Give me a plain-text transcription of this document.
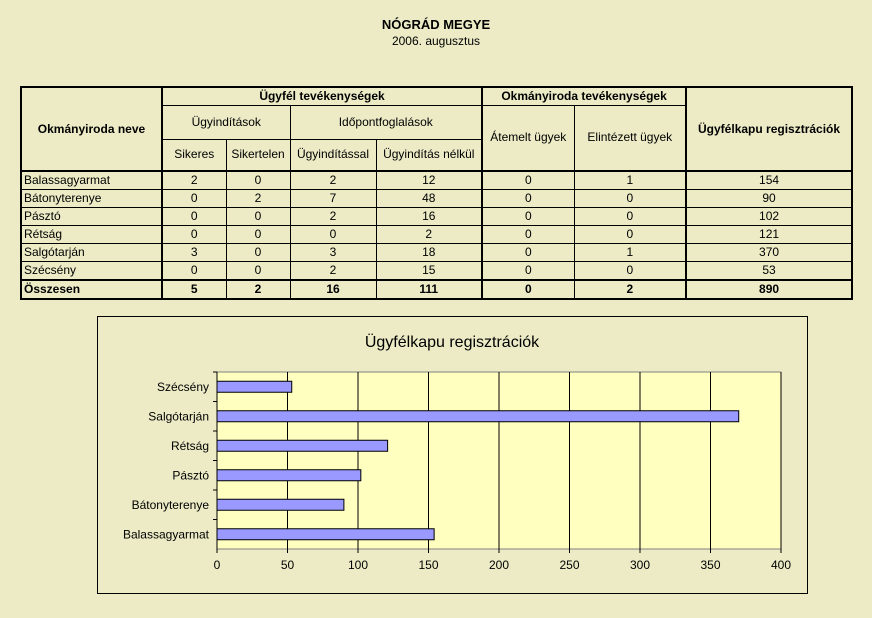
NÓGRÁD MEGYE
2006. augusztus
Okmányiroda neve	Ügyfél tevékenységek				Okmányiroda tevékenységek		Ügyfélkapu regisztrációk
	Ügyindítások		Időpontfoglalások		Átemelt ügyek	Elintézett ügyek	
	Sikeres	Sikertelen	Ügyindítással	Ügyindítás nélkül			
Balassagyarmat	2	0	2	12	0	1	154
Bátonyterenye	0	2	7	48	0	0	90
Pásztó	0	0	2	16	0	0	102
Rétság	0	0	0	2	0	0	121
Salgótarján	3	0	3	18	0	1	370
Szécsény	0	0	2	15	0	0	53
Összesen	5	2	16	111	0	2	890
Ügyfélkapu regisztrációk
0	50	100	150	200	250	300	350	400
Szécsény
Salgótarján
Rétság
Pásztó
Bátonyterenye
Balassagyarmat
